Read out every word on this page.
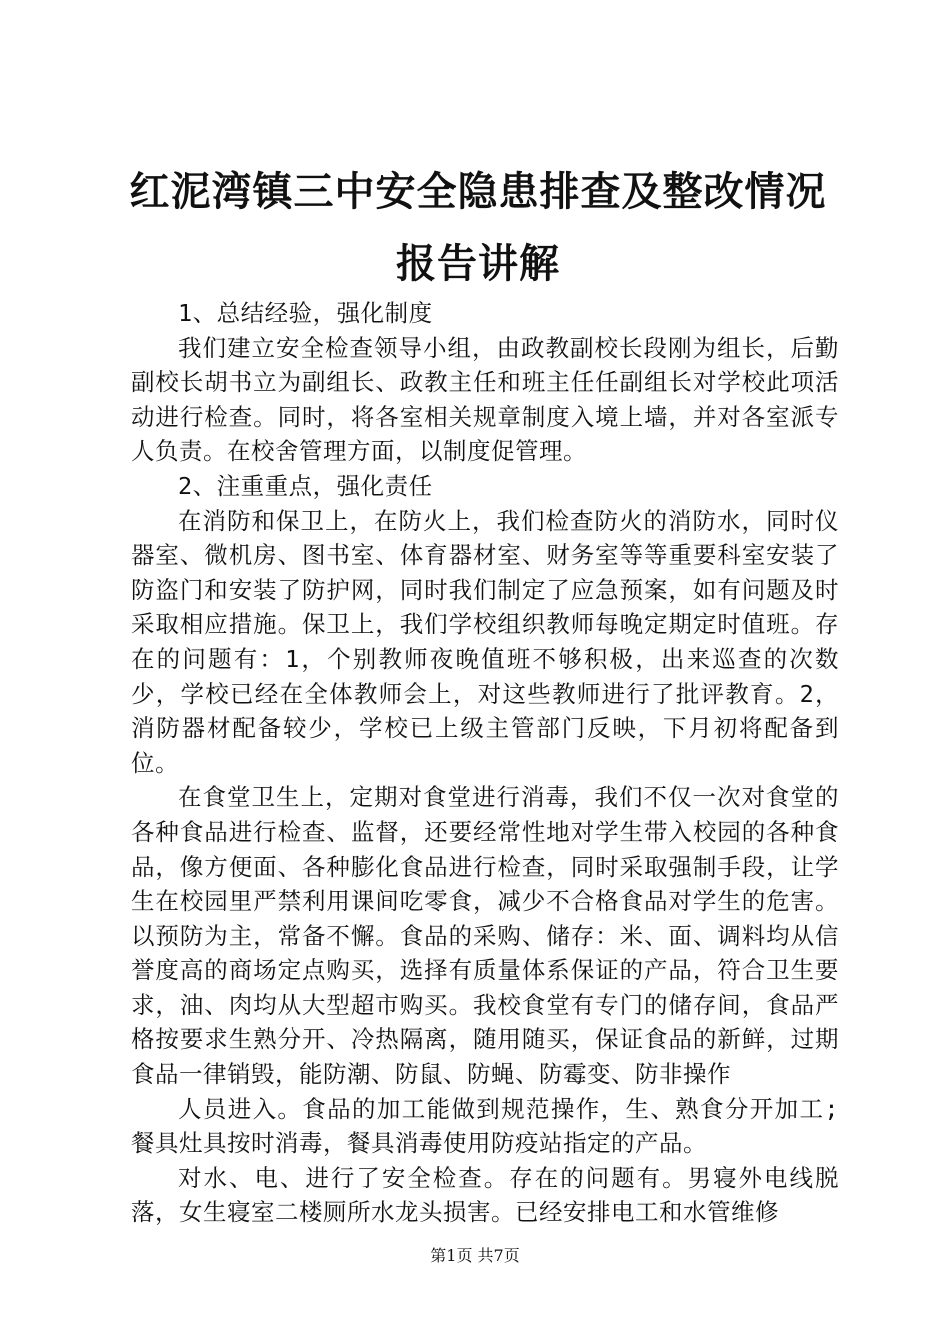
红泥湾镇三中安全隐患排查及整改情况报告讲解

1、总结经验，强化制度

我们建立安全检查领导小组，由政教副校长段刚为组长，后勤副校长胡书立为副组长、政教主任和班主任任副组长对学校此项活动进行检查。同时，将各室相关规章制度入境上墙，并对各室派专人负责。在校舍管理方面，以制度促管理。

2、注重重点，强化责任

在消防和保卫上，在防火上，我们检查防火的消防水，同时仪器室、微机房、图书室、体育器材室、财务室等等重要科室安装了防盗门和安装了防护网，同时我们制定了应急预案，如有问题及时采取相应措施。保卫上，我们学校组织教师每晚定期定时值班。存在的问题有：1，个别教师夜晚值班不够积极，出来巡查的次数少，学校已经在全体教师会上，对这些教师进行了批评教育。2，消防器材配备较少，学校已上级主管部门反映，下月初将配备到位。

在食堂卫生上，定期对食堂进行消毒，我们不仅一次对食堂的各种食品进行检查、监督，还要经常性地对学生带入校园的各种食品，像方便面、各种膨化食品进行检查，同时采取强制手段，让学生在校园里严禁利用课间吃零食，减少不合格食品对学生的危害。以预防为主，常备不懈。食品的采购、储存：米、面、调料均从信誉度高的商场定点购买，选择有质量体系保证的产品，符合卫生要求，油、肉均从大型超市购买。我校食堂有专门的储存间，食品严格按要求生熟分开、冷热隔离，随用随买，保证食品的新鲜，过期食品一律销毁，能防潮、防鼠、防蝇、防霉变、防非操作

人员进入。食品的加工能做到规范操作，生、熟食分开加工;餐具灶具按时消毒，餐具消毒使用防疫站指定的产品。

对水、电、进行了安全检查。存在的问题有。男寝外电线脱落，女生寝室二楼厕所水龙头损害。已经安排电工和水管维修

第1页 共7页
